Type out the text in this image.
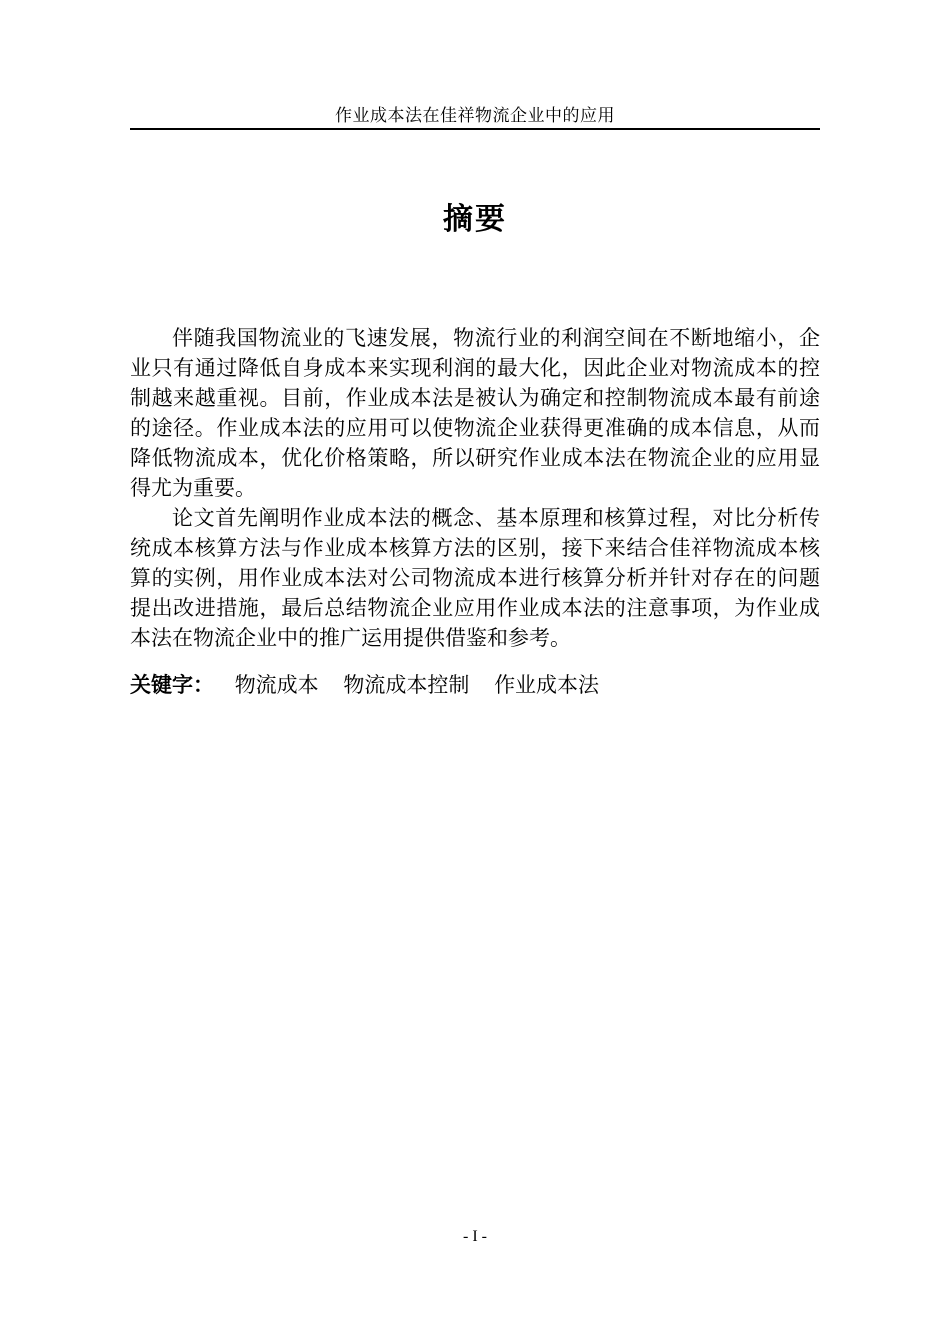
作业成本法在佳祥物流企业中的应用
摘要

伴随我国物流业的飞速发展，物流行业的利润空间在不断地缩小，企业只有通过降低自身成本来实现利润的最大化，因此企业对物流成本的控制越来越重视。目前，作业成本法是被认为确定和控制物流成本最有前途的途径。作业成本法的应用可以使物流企业获得更准确的成本信息，从而降低物流成本，优化价格策略，所以研究作业成本法在物流企业的应用显得尤为重要。

论文首先阐明作业成本法的概念、基本原理和核算过程，对比分析传统成本核算方法与作业成本核算方法的区别，接下来结合佳祥物流成本核算的实例，用作业成本法对公司物流成本进行核算分析并针对存在的问题提出改进措施，最后总结物流企业应用作业成本法的注意事项，为作业成本法在物流企业中的推广运用提供借鉴和参考。

关键字： 物流成本 物流成本控制 作业成本法
- I -
